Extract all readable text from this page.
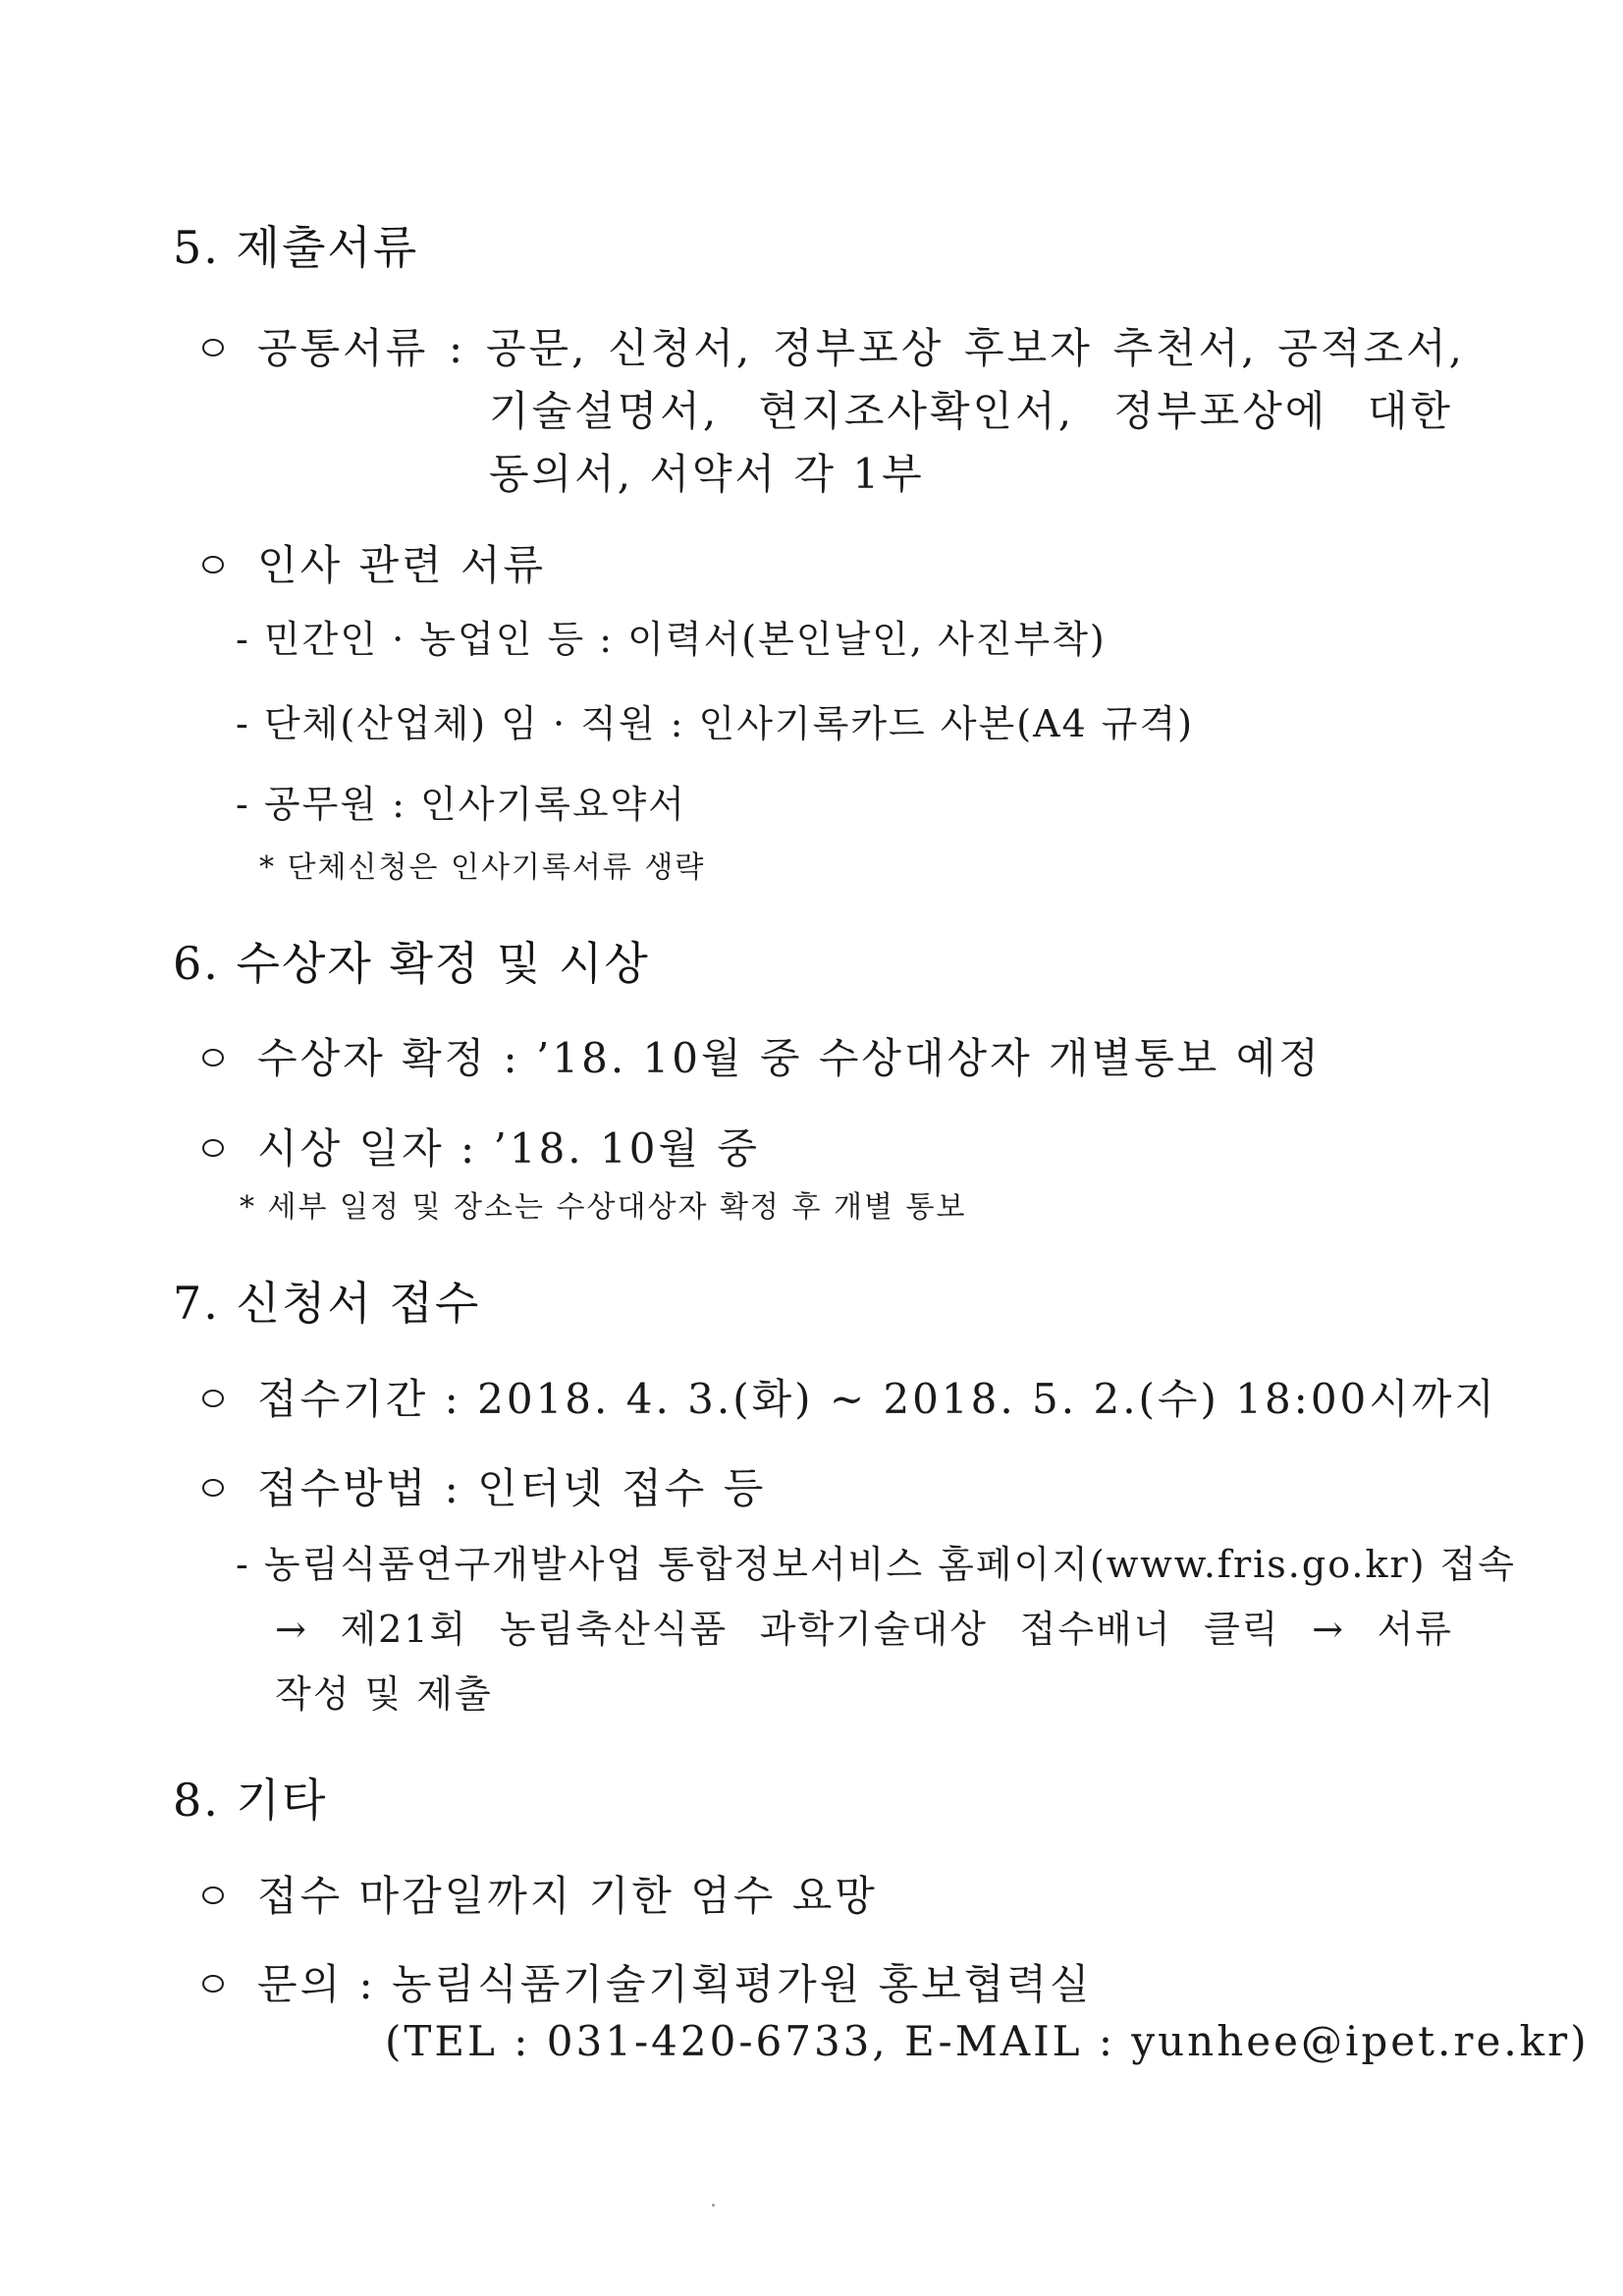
5. 제출서류
공통서류 : 공문, 신청서, 정부포상 후보자 추천서, 공적조서,
기술설명서, 현지조사확인서, 정부포상에 대한
동의서, 서약서 각 1부
인사 관련 서류
- 민간인 · 농업인 등 : 이력서(본인날인, 사진부착)
- 단체(산업체) 임 · 직원 : 인사기록카드 사본(A4 규격)
- 공무원 : 인사기록요약서
* 단체신청은 인사기록서류 생략
6. 수상자 확정 및 시상
수상자 확정 : ’18. 10월 중 수상대상자 개별통보 예정
시상 일자 : ’18. 10월 중
* 세부 일정 및 장소는 수상대상자 확정 후 개별 통보
7. 신청서 접수
접수기간 : 2018. 4. 3.(화) ~ 2018. 5. 2.(수) 18:00시까지
접수방법 : 인터넷 접수 등
- 농림식품연구개발사업 통합정보서비스 홈페이지(www.fris.go.kr) 접속
→ 제21회 농림축산식품 과학기술대상 접수배너 클릭 → 서류
작성 및 제출
8. 기타
접수 마감일까지 기한 엄수 요망
문의 : 농림식품기술기획평가원 홍보협력실
(TEL : 031-420-6733, E-MAIL : yunhee@ipet.re.kr)
